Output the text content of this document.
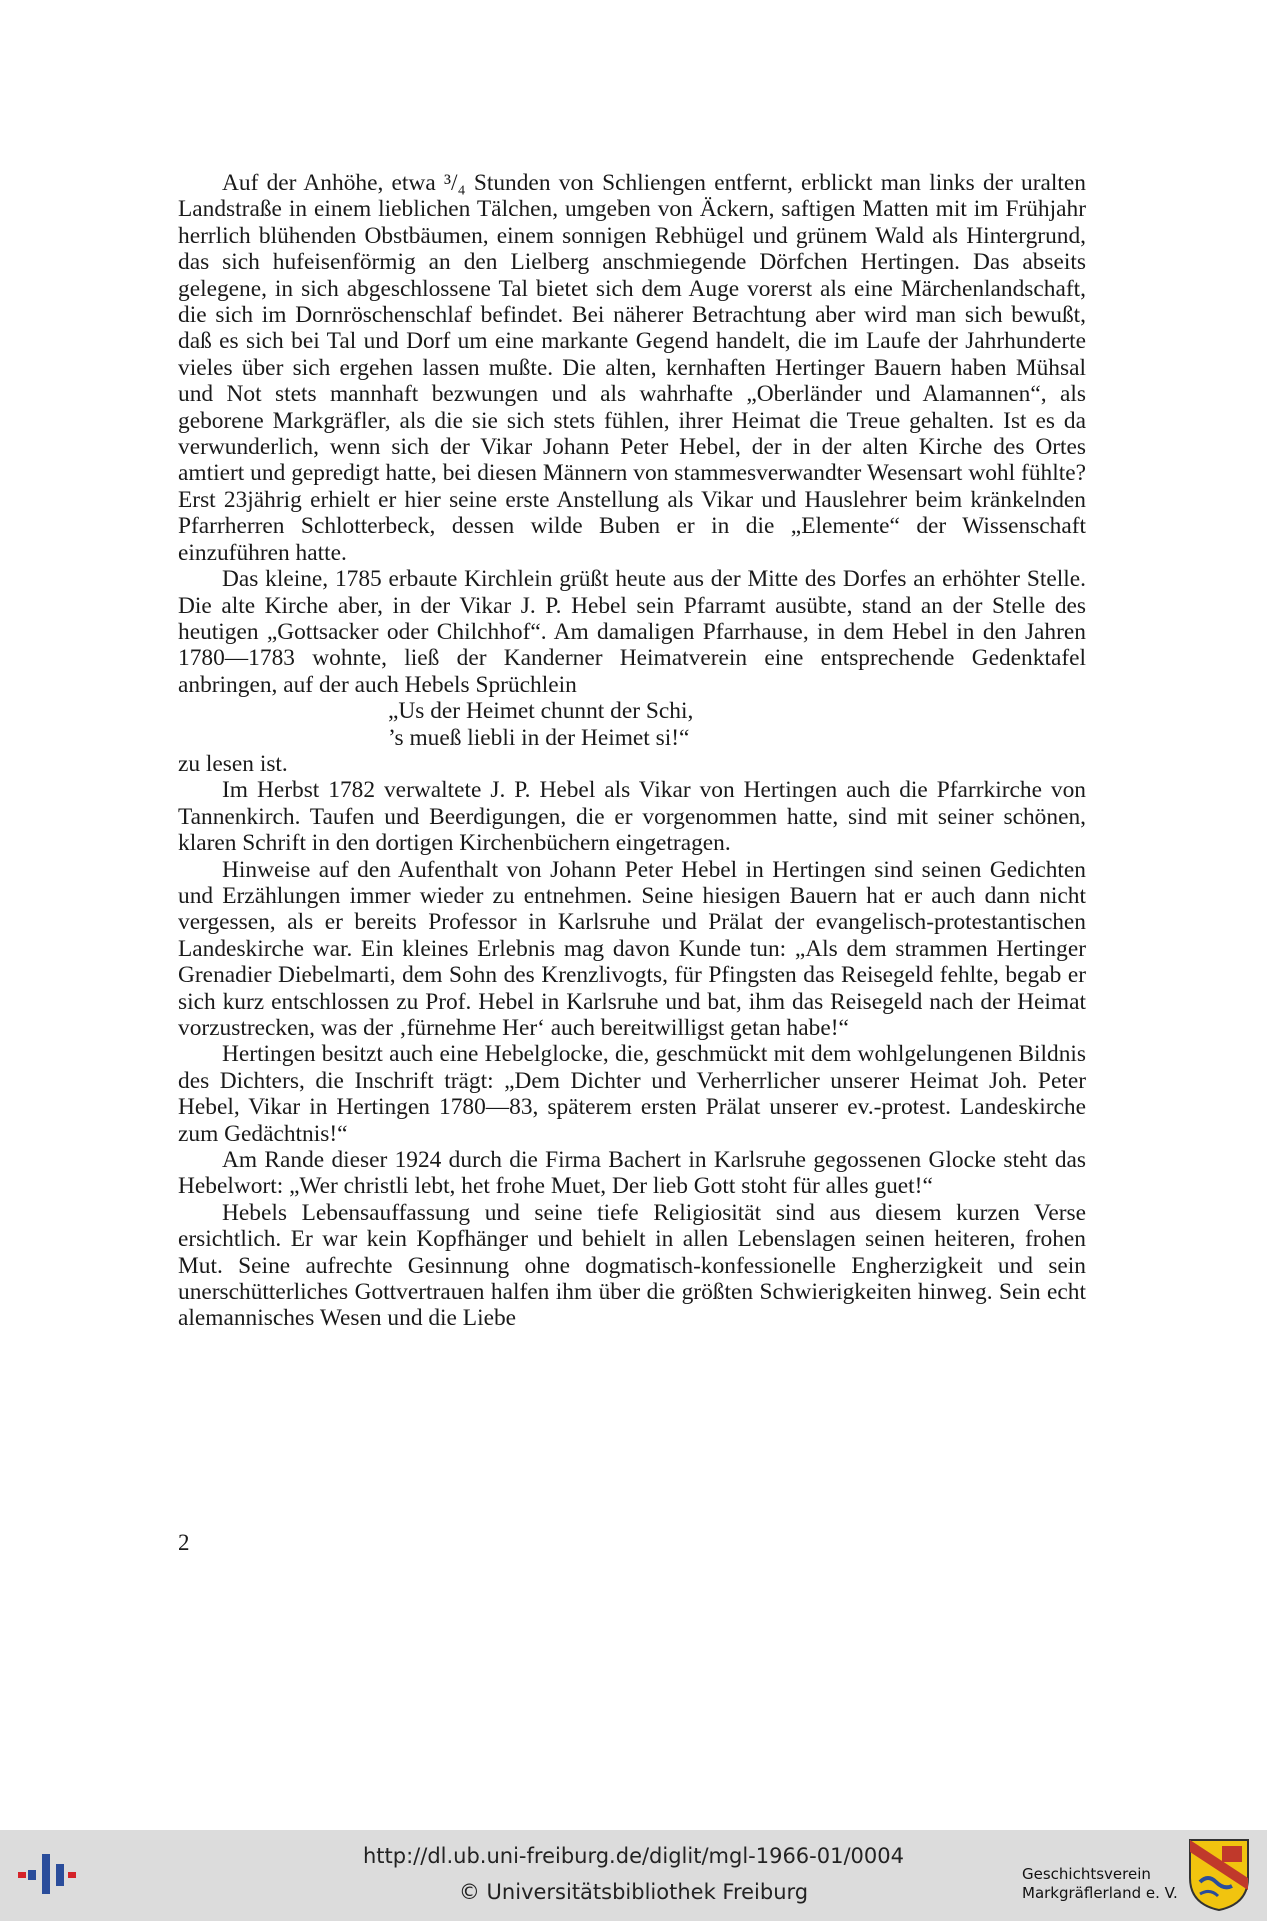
Auf der Anhöhe, etwa ³/₄ Stunden von Schliengen entfernt, erblickt man links der uralten Landstraße in einem lieblichen Tälchen, umgeben von Äckern, saftigen Matten mit im Frühjahr herrlich blühenden Obstbäumen, einem sonnigen Rebhügel und grünem Wald als Hintergrund, das sich hufeisenförmig an den Lielberg anschmiegende Dörfchen Hertingen. Das abseits gelegene, in sich abgeschlossene Tal bietet sich dem Auge vorerst als eine Märchenlandschaft, die sich im Dornröschenschlaf befindet. Bei näherer Betrachtung aber wird man sich bewußt, daß es sich bei Tal und Dorf um eine markante Gegend handelt, die im Laufe der Jahrhunderte vieles über sich ergehen lassen mußte. Die alten, kernhaften Hertinger Bauern haben Mühsal und Not stets mannhaft bezwungen und als wahrhafte „Oberländer und Alamannen“, als geborene Markgräfler, als die sie sich stets fühlen, ihrer Heimat die Treue gehalten. Ist es da verwunderlich, wenn sich der Vikar Johann Peter Hebel, der in der alten Kirche des Ortes amtiert und gepredigt hatte, bei diesen Männern von stammesverwandter Wesensart wohl fühlte? Erst 23jährig erhielt er hier seine erste Anstellung als Vikar und Hauslehrer beim kränkelnden Pfarrherren Schlotterbeck, dessen wilde Buben er in die „Elemente“ der Wissenschaft einzuführen hatte.

Das kleine, 1785 erbaute Kirchlein grüßt heute aus der Mitte des Dorfes an erhöhter Stelle. Die alte Kirche aber, in der Vikar J. P. Hebel sein Pfarramt ausübte, stand an der Stelle des heutigen „Gottsacker oder Chilchhof“. Am damaligen Pfarrhause, in dem Hebel in den Jahren 1780—1783 wohnte, ließ der Kanderner Heimatverein eine entsprechende Gedenktafel anbringen, auf der auch Hebels Sprüchlein

„Us der Heimet chunnt der Schi,
’s mueß liebli in der Heimet si!“

zu lesen ist.

Im Herbst 1782 verwaltete J. P. Hebel als Vikar von Hertingen auch die Pfarrkirche von Tannenkirch. Taufen und Beerdigungen, die er vorgenommen hatte, sind mit seiner schönen, klaren Schrift in den dortigen Kirchenbüchern eingetragen.

Hinweise auf den Aufenthalt von Johann Peter Hebel in Hertingen sind seinen Gedichten und Erzählungen immer wieder zu entnehmen. Seine hiesigen Bauern hat er auch dann nicht vergessen, als er bereits Professor in Karlsruhe und Prälat der evangelisch-protestantischen Landeskirche war. Ein kleines Erlebnis mag davon Kunde tun: „Als dem strammen Hertinger Grenadier Diebelmarti, dem Sohn des Krenzlivogts, für Pfingsten das Reisegeld fehlte, begab er sich kurz entschlossen zu Prof. Hebel in Karlsruhe und bat, ihm das Reisegeld nach der Heimat vorzustrecken, was der ‚fürnehme Her‘ auch bereitwilligst getan habe!“

Hertingen besitzt auch eine Hebelglocke, die, geschmückt mit dem wohlgelungenen Bildnis des Dichters, die Inschrift trägt: „Dem Dichter und Verherrlicher unserer Heimat Joh. Peter Hebel, Vikar in Hertingen 1780—83, späterem ersten Prälat unserer ev.-protest. Landeskirche zum Gedächtnis!“

Am Rande dieser 1924 durch die Firma Bachert in Karlsruhe gegossenen Glocke steht das Hebelwort: „Wer christli lebt, het frohe Muet, Der lieb Gott stoht für alles guet!“

Hebels Lebensauffassung und seine tiefe Religiosität sind aus diesem kurzen Verse ersichtlich. Er war kein Kopfhänger und behielt in allen Lebenslagen seinen heiteren, frohen Mut. Seine aufrechte Gesinnung ohne dogmatisch-konfessionelle Engherzigkeit und sein unerschütterliches Gottvertrauen halfen ihm über die größten Schwierigkeiten hinweg. Sein echt alemannisches Wesen und die Liebe

2
http://dl.ub.uni-freiburg.de/diglit/mgl-1966-01/0004
© Universitätsbibliothek Freiburg
Geschichtsverein
Markgräflerland e. V.
